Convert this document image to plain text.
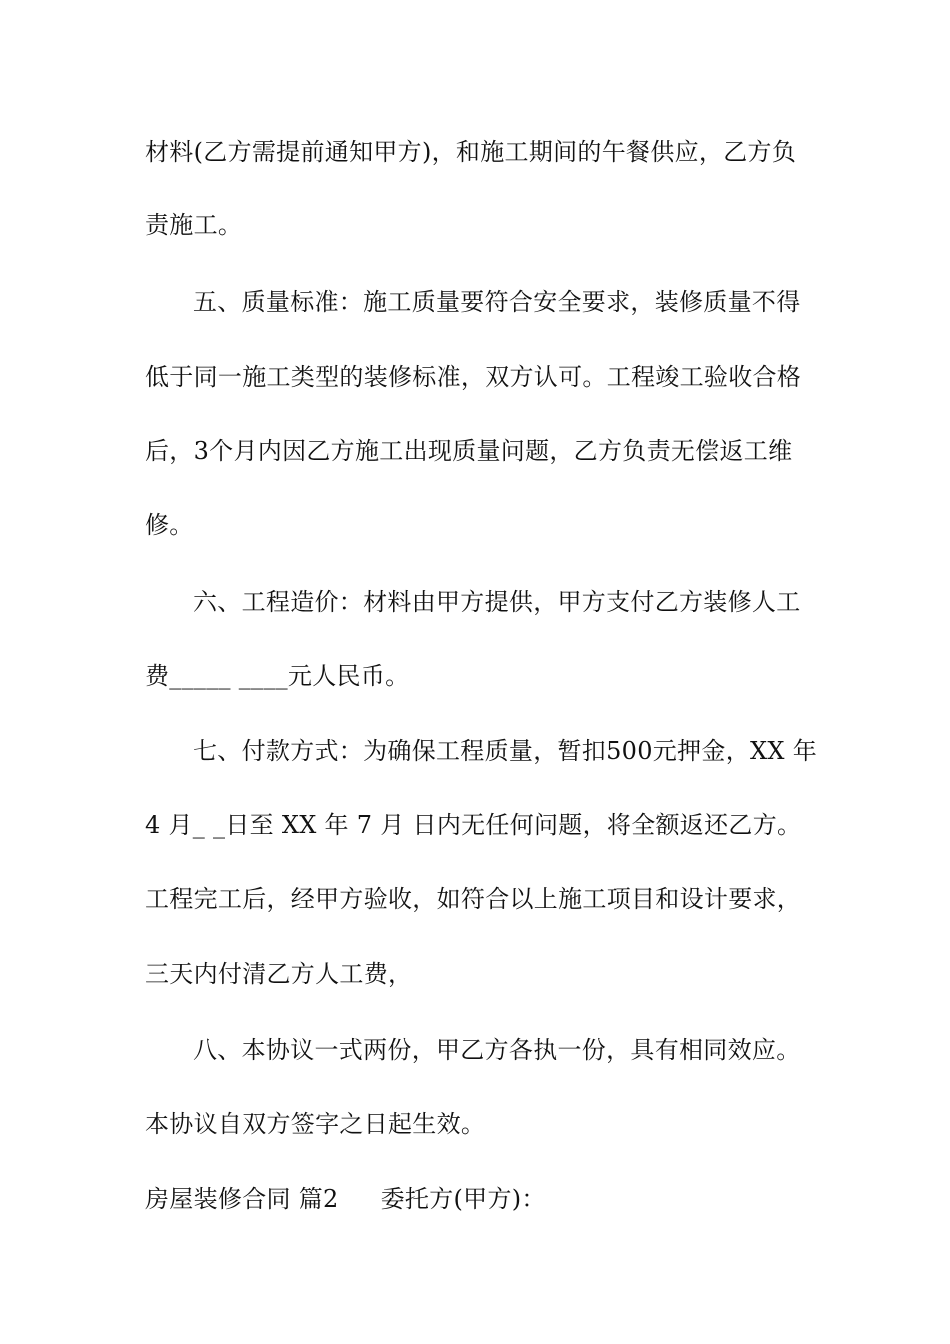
材料(乙方需提前通知甲方)，和施工期间的午餐供应，乙方负
责施工。
五、质量标准：施工质量要符合安全要求，装修质量不得
低于同一施工类型的装修标准，双方认可。工程竣工验收合格
后，3个月内因乙方施工出现质量问题，乙方负责无偿返工维
修。
六、工程造价：材料由甲方提供，甲方支付乙方装修人工
费_____ ____元人民币。
七、付款方式：为确保工程质量，暂扣500元押金，XX 年
4 月_ _日至 XX 年 7 月 日内无任何问题，将全额返还乙方。
工程完工后，经甲方验收，如符合以上施工项目和设计要求，
三天内付清乙方人工费，
八、本协议一式两份，甲乙方各执一份，具有相同效应。
本协议自双方签字之日起生效。
房屋装修合同 篇2 委托方(甲方)：
